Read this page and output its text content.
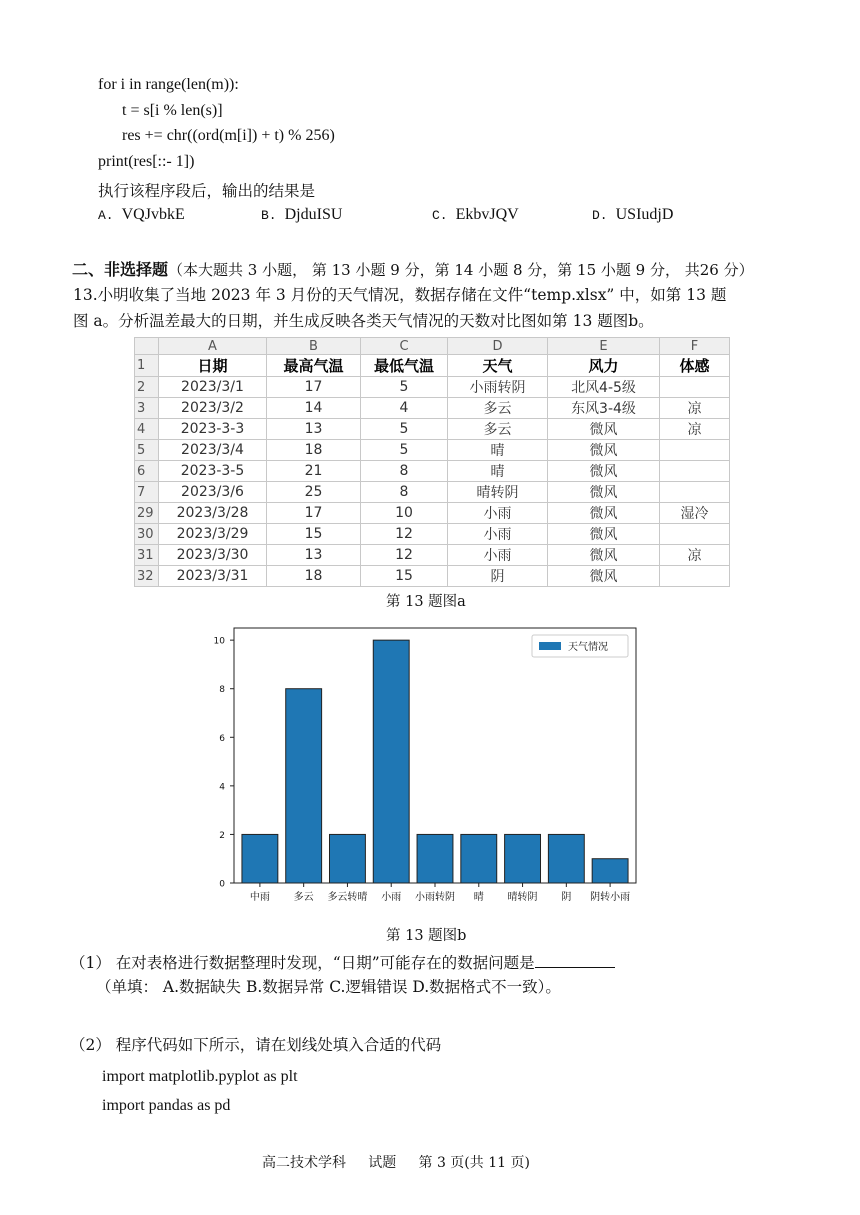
for i in range(len(m)):
t = s[i % len(s)]
res += chr((ord(m[i]) + t) % 256)
print(res[::- 1])
执行该程序段后，输出的结果是
A. VQJvbkE	B. DjduISU	C. EkbvJQV	D. USIudjD
二、非选择题（本大题共 3 小题， 第 13 小题 9 分，第 14 小题 8 分，第 15 小题 9 分， 共26 分）
13.小明收集了当地 2023 年 3 月份的天气情况，数据存储在文件“temp.xlsx” 中，如第 13 题
图 a。分析温差最大的日期，并生成反映各类天气情况的天数对比图如第 13 题图b。
	A	B	C	D	E	F
1	日期	最高气温	最低气温	天气	风力	体感
2	2023/3/1	17	5	小雨转阴	北风4-5级	
3	2023/3/2	14	4	多云	东风3-4级	凉
4	2023-3-3	13	5	多云	微风	凉
5	2023/3/4	18	5	晴	微风	
6	2023-3-5	21	8	晴	微风	
7	2023/3/6	25	8	晴转阴	微风	
29	2023/3/28	17	10	小雨	微风	湿冷
30	2023/3/29	15	12	小雨	微风	
31	2023/3/30	13	12	小雨	微风	凉
32	2023/3/31	18	15	阴	微风	
第 13 题图a
中雨 多云 多云转晴 小雨 小雨转阴 晴 晴转阴 阴 阴转小雨
0
2
4
6
8
10
天气情况
第 13 题图b
（1） 在对表格进行数据整理时发现，“日期”可能存在的数据问题是
（单填： A.数据缺失 B.数据异常 C.逻辑错误 D.数据格式不一致）。
（2） 程序代码如下所示，请在划线处填入合适的代码
import matplotlib.pyplot as plt
import pandas as pd
高二技术学科     试题     第 3 页(共 11 页)
